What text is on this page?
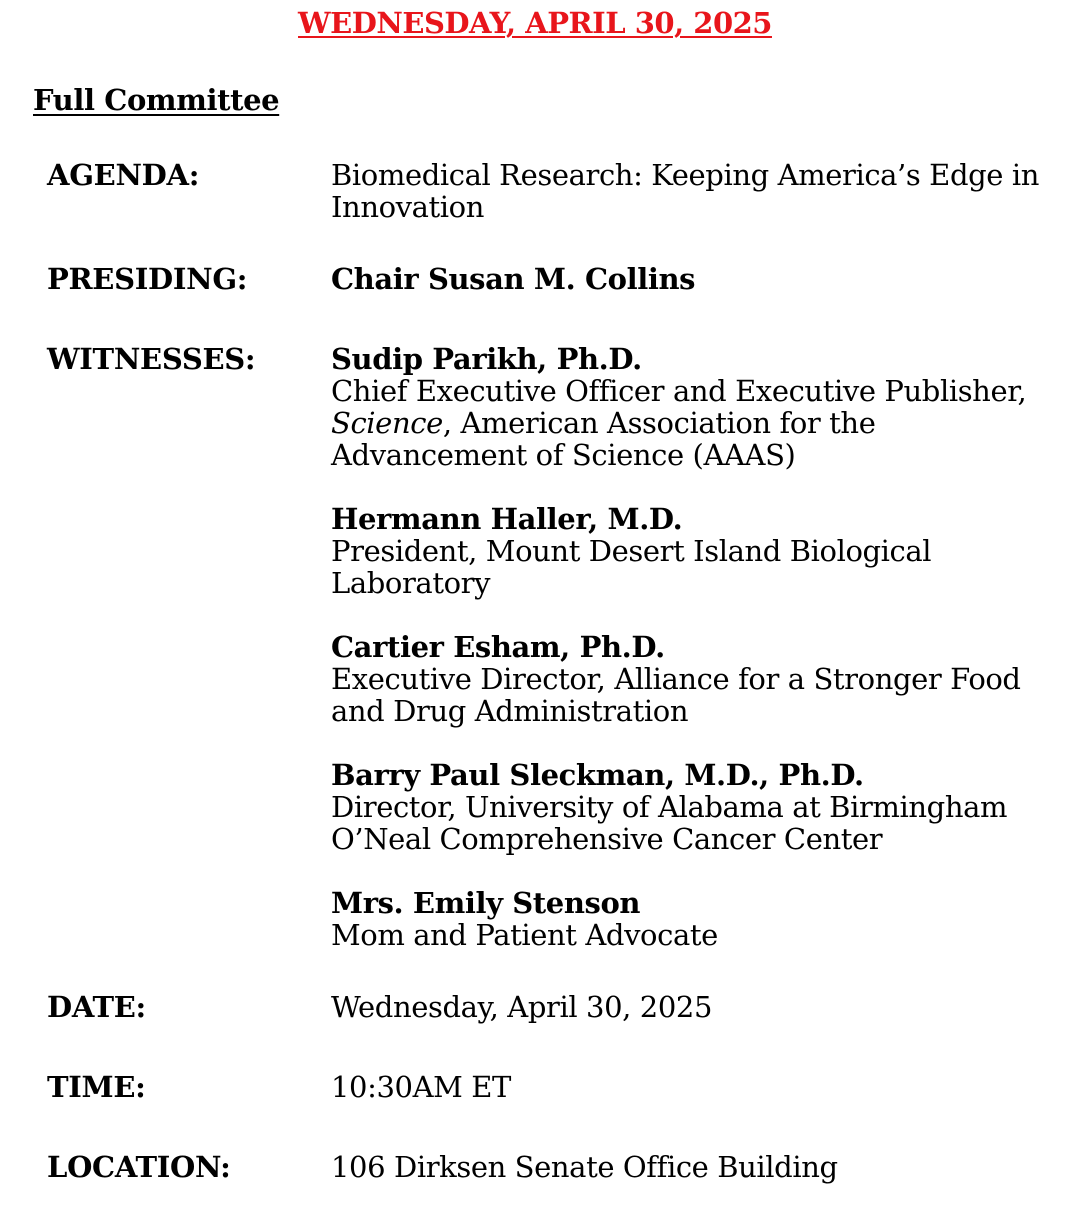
WEDNESDAY, APRIL 30, 2025
Full Committee
AGENDA:	Biomedical Research: Keeping America’s Edge in Innovation
PRESIDING:	Chair Susan M. Collins
WITNESSES:	Sudip Parikh, Ph.D.
Chief Executive Officer and Executive Publisher,
Science, American Association for the Advancement of Science (AAAS)
Hermann Haller, M.D.
President, Mount Desert Island Biological Laboratory
Cartier Esham, Ph.D.
Executive Director, Alliance for a Stronger Food and Drug Administration
Barry Paul Sleckman, M.D., Ph.D.
Director, University of Alabama at Birmingham O’Neal Comprehensive Cancer Center
Mrs. Emily Stenson
Mom and Patient Advocate
DATE:	Wednesday, April 30, 2025
TIME:	10:30AM ET
LOCATION:	106 Dirksen Senate Office Building
